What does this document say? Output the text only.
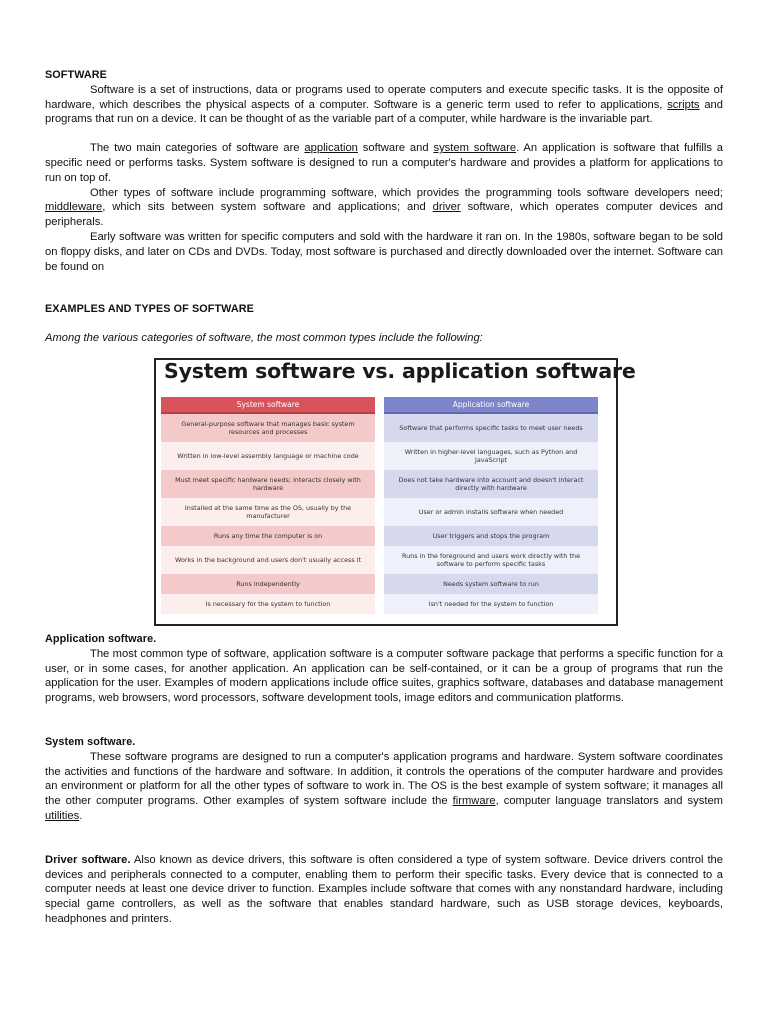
SOFTWARE

Software is a set of instructions, data or programs used to operate computers and execute specific tasks. It is the opposite of hardware, which describes the physical aspects of a computer. Software is a generic term used to refer to applications, scripts and programs that run on a device. It can be thought of as the variable part of a computer, while hardware is the invariable part.

The two main categories of software are application software and system software. An application is software that fulfills a specific need or performs tasks. System software is designed to run a computer's hardware and provides a platform for applications to run on top of.

Other types of software include programming software, which provides the programming tools software developers need; middleware, which sits between system software and applications; and driver software, which operates computer devices and peripherals.

Early software was written for specific computers and sold with the hardware it ran on. In the 1980s, software began to be sold on floppy disks, and later on CDs and DVDs. Today, most software is purchased and directly downloaded over the internet. Software can be found on

EXAMPLES AND TYPES OF SOFTWARE

Among the various categories of software, the most common types include the following:

System software vs. application software
System software
General-purpose software that manages basic system resources and processes
Written in low-level assembly language or machine code
Must meet specific hardware needs; interacts closely with hardware
Installed at the same time as the OS, usually by the manufacturer
Runs any time the computer is on
Works in the background and users don't usually access it
Runs independently
Is necessary for the system to function
Application software
Software that performs specific tasks to meet user needs
Written in higher-level languages, such as Python and JavaScript
Does not take hardware into account and doesn't interact directly with hardware
User or admin installs software when needed
User triggers and stops the program
Runs in the foreground and users work directly with the software to perform specific tasks
Needs system software to run
Isn't needed for the system to function
Application software.

The most common type of software, application software is a computer software package that performs a specific function for a user, or in some cases, for another application. An application can be self-contained, or it can be a group of programs that run the application for the user. Examples of modern applications include office suites, graphics software, databases and database management programs, web browsers, word processors, software development tools, image editors and communication platforms.

System software.

These software programs are designed to run a computer's application programs and hardware. System software coordinates the activities and functions of the hardware and software. In addition, it controls the operations of the computer hardware and provides an environment or platform for all the other types of software to work in. The OS is the best example of system software; it manages all the other computer programs. Other examples of system software include the firmware, computer language translators and system utilities.

Driver software. Also known as device drivers, this software is often considered a type of system software. Device drivers control the devices and peripherals connected to a computer, enabling them to perform their specific tasks. Every device that is connected to a computer needs at least one device driver to function. Examples include software that comes with any nonstandard hardware, including special game controllers, as well as the software that enables standard hardware, such as USB storage devices, keyboards, headphones and printers.
